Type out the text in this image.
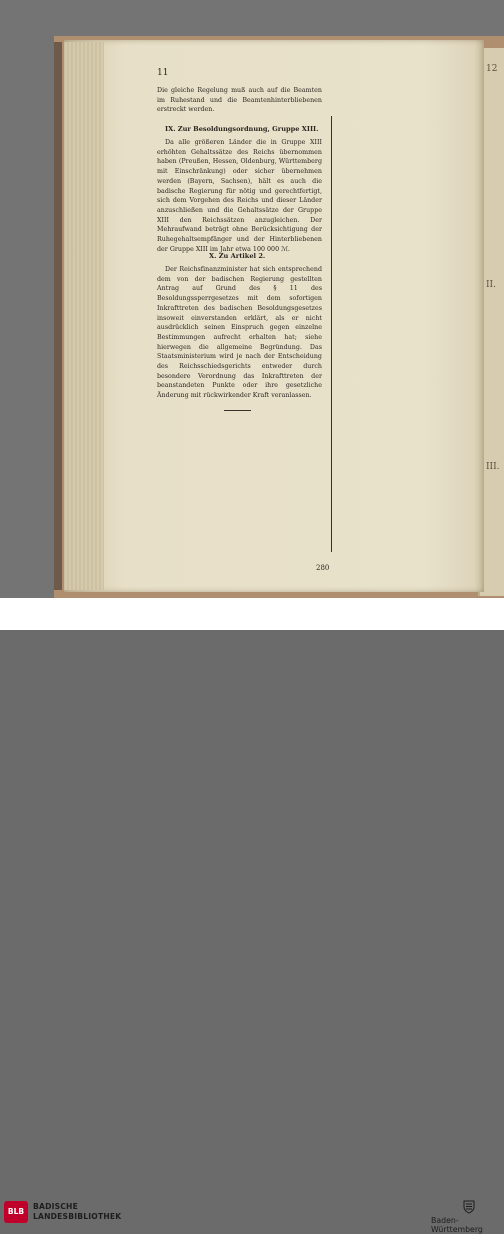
12
II.
III.
11
Die gleiche Regelung muß auch auf die Beamten im Ruhestand und die Beamtenhinterbliebenen erstreckt werden.
IX. Zur Besoldungsordnung, Gruppe XIII.
Da alle größeren Länder die in Gruppe XIII erhöhten Gehaltssätze des Reichs übernommen haben (Preußen, Hessen, Oldenburg, Württemberg mit Einschränkung) oder sicher übernehmen werden (Bayern, Sachsen), hält es auch die badische Regierung für nötig und gerechtfertigt, sich dem Vorgehen des Reichs und dieser Länder anzuschließen und die Gehaltssätze der Gruppe XIII den Reichssätzen anzugleichen. Der Mehraufwand beträgt ohne Berücksichtigung der Ruhegehaltsempfänger und der Hinterbliebenen der Gruppe XIII im Jahr etwa 100 000 ℳ.
X. Zu Artikel 2.
Der Reichsfinanzminister hat sich entsprechend dem von der badischen Regierung gestellten Antrag auf Grund des § 11 des Besoldungssperrgesetzes mit dem sofortigen Inkrafttreten des badischen Besoldungsgesetzes insoweit einverstanden erklärt, als er nicht ausdrücklich seinen Einspruch gegen einzelne Bestimmungen aufrecht erhalten hat; siehe hierwegen die allgemeine Begründung. Das Staatsministerium wird je nach der Entscheidung des Reichsschiedsgerichts entweder durch besondere Verordnung das Inkrafttreten der beanstandeten Punkte oder ihre gesetzliche Änderung mit rückwirkender Kraft veranlassen.
280
BLB
BADISCHE
LANDESBIBLIOTHEK	Baden-Württemberg
